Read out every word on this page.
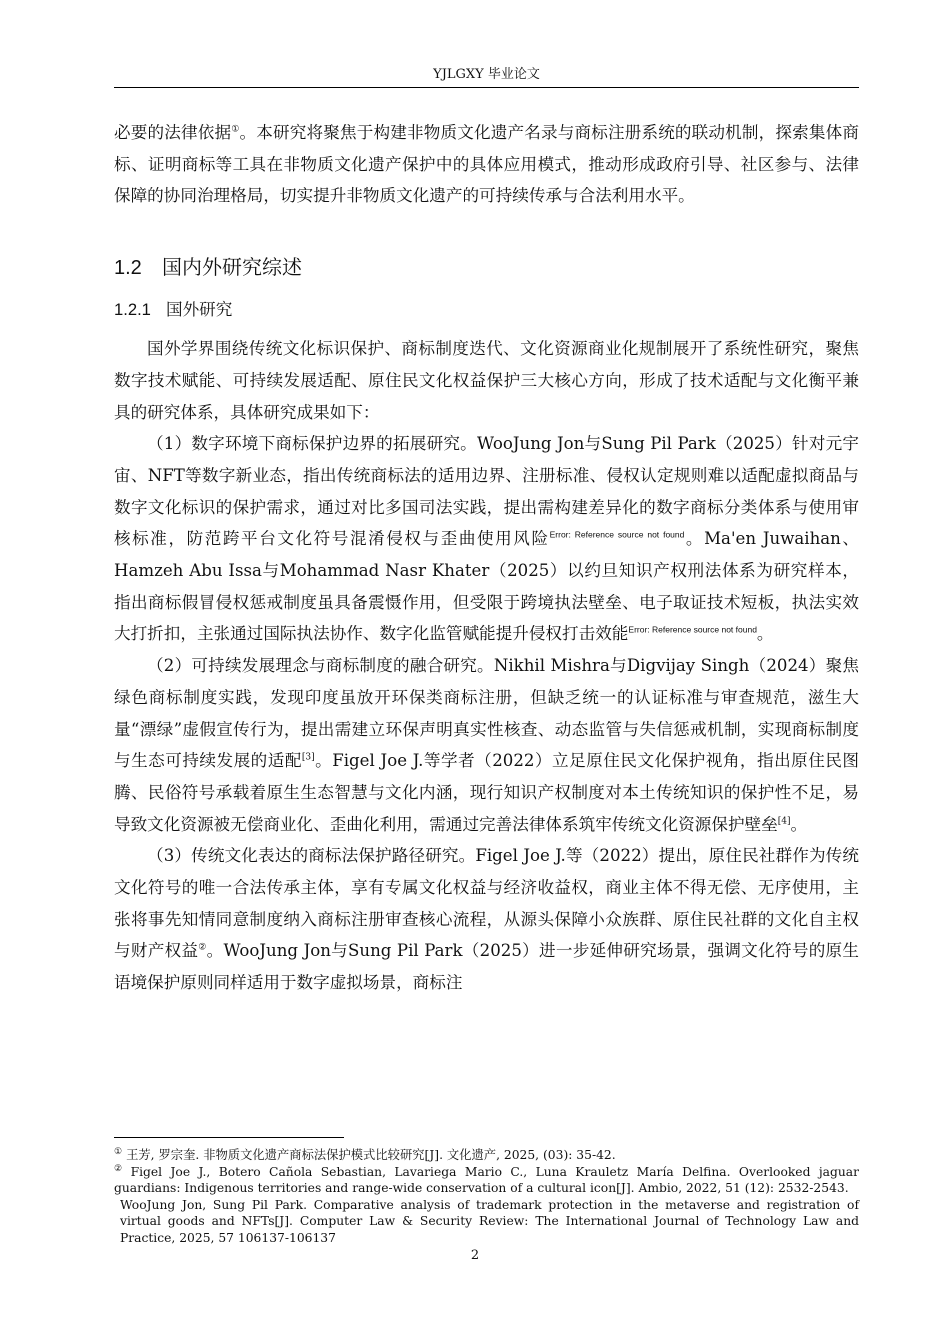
YJLGXY 毕业论文

必要的法律依据①。本研究将聚焦于构建非物质文化遗产名录与商标注册系统的联动机制，探索集体商标、证明商标等工具在非物质文化遗产保护中的具体应用模式，推动形成政府引导、社区参与、法律保障的协同治理格局，切实提升非物质文化遗产的可持续传承与合法利用水平。

1.2 国内外研究综述

1.2.1 国外研究

国外学界围绕传统文化标识保护、商标制度迭代、文化资源商业化规制展开了系统性研究，聚焦数字技术赋能、可持续发展适配、原住民文化权益保护三大核心方向，形成了技术适配与文化衡平兼具的研究体系，具体研究成果如下：

（1）数字环境下商标保护边界的拓展研究。WooJung Jon与Sung Pil Park（2025）针对元宇宙、NFT等数字新业态，指出传统商标法的适用边界、注册标准、侵权认定规则难以适配虚拟商品与数字文化标识的保护需求，通过对比多国司法实践，提出需构建差异化的数字商标分类体系与使用审核标准，防范跨平台文化符号混淆侵权与歪曲使用风险$^{Error: Reference source not found}$。Ma'en Juwaihan、Hamzeh Abu Issa与Mohammad Nasr Khater（2025）以约旦知识产权刑法体系为研究样本，指出商标假冒侵权惩戒制度虽具备震慑作用，但受限于跨境执法壁垒、电子取证技术短板，执法实效大打折扣，主张通过国际执法协作、数字化监管赋能提升侵权打击效能$^{Error: Reference source not found}$。

（2）可持续发展理念与商标制度的融合研究。Nikhil Mishra与Digvijay Singh（2024）聚焦绿色商标制度实践，发现印度虽放开环保类商标注册，但缺乏统一的认证标准与审查规范，滋生大量“漂绿”虚假宣传行为，提出需建立环保声明真实性核查、动态监管与失信惩戒机制，实现商标制度与生态可持续发展的适配[3]。Figel Joe J.等学者（2022）立足原住民文化保护视角，指出原住民图腾、民俗符号承载着原生生态智慧与文化内涵，现行知识产权制度对本土传统知识的保护性不足，易导致文化资源被无偿商业化、歪曲化利用，需通过完善法律体系筑牢传统文化资源保护壁垒[4]。

（3）传统文化表达的商标法保护路径研究。Figel Joe J.等（2022）提出，原住民社群作为传统文化符号的唯一合法传承主体，享有专属文化权益与经济收益权，商业主体不得无偿、无序使用，主张将事先知情同意制度纳入商标注册审查核心流程，从源头保障小众族群、原住民社群的文化自主权与财产权益②。WooJung Jon与Sung Pil Park（2025）进一步延伸研究场景，强调文化符号的原生语境保护原则同样适用于数字虚拟场景，商标注

① 王芳, 罗宗奎. 非物质文化遗产商标法保护模式比较研究[J]. 文化遗产, 2025, (03): 35-42.

② Figel Joe J., Botero Cañola Sebastian, Lavariega Mario C., Luna Krauletz María Delfina. Overlooked jaguar guardians: Indigenous territories and range-wide conservation of a cultural icon[J]. Ambio, 2022, 51 (12): 2532-2543.

WooJung Jon, Sung Pil Park. Comparative analysis of trademark protection in the metaverse and registration of virtual goods and NFTs[J]. Computer Law & Security Review: The International Journal of Technology Law and Practice, 2025, 57 106137-106137

2
